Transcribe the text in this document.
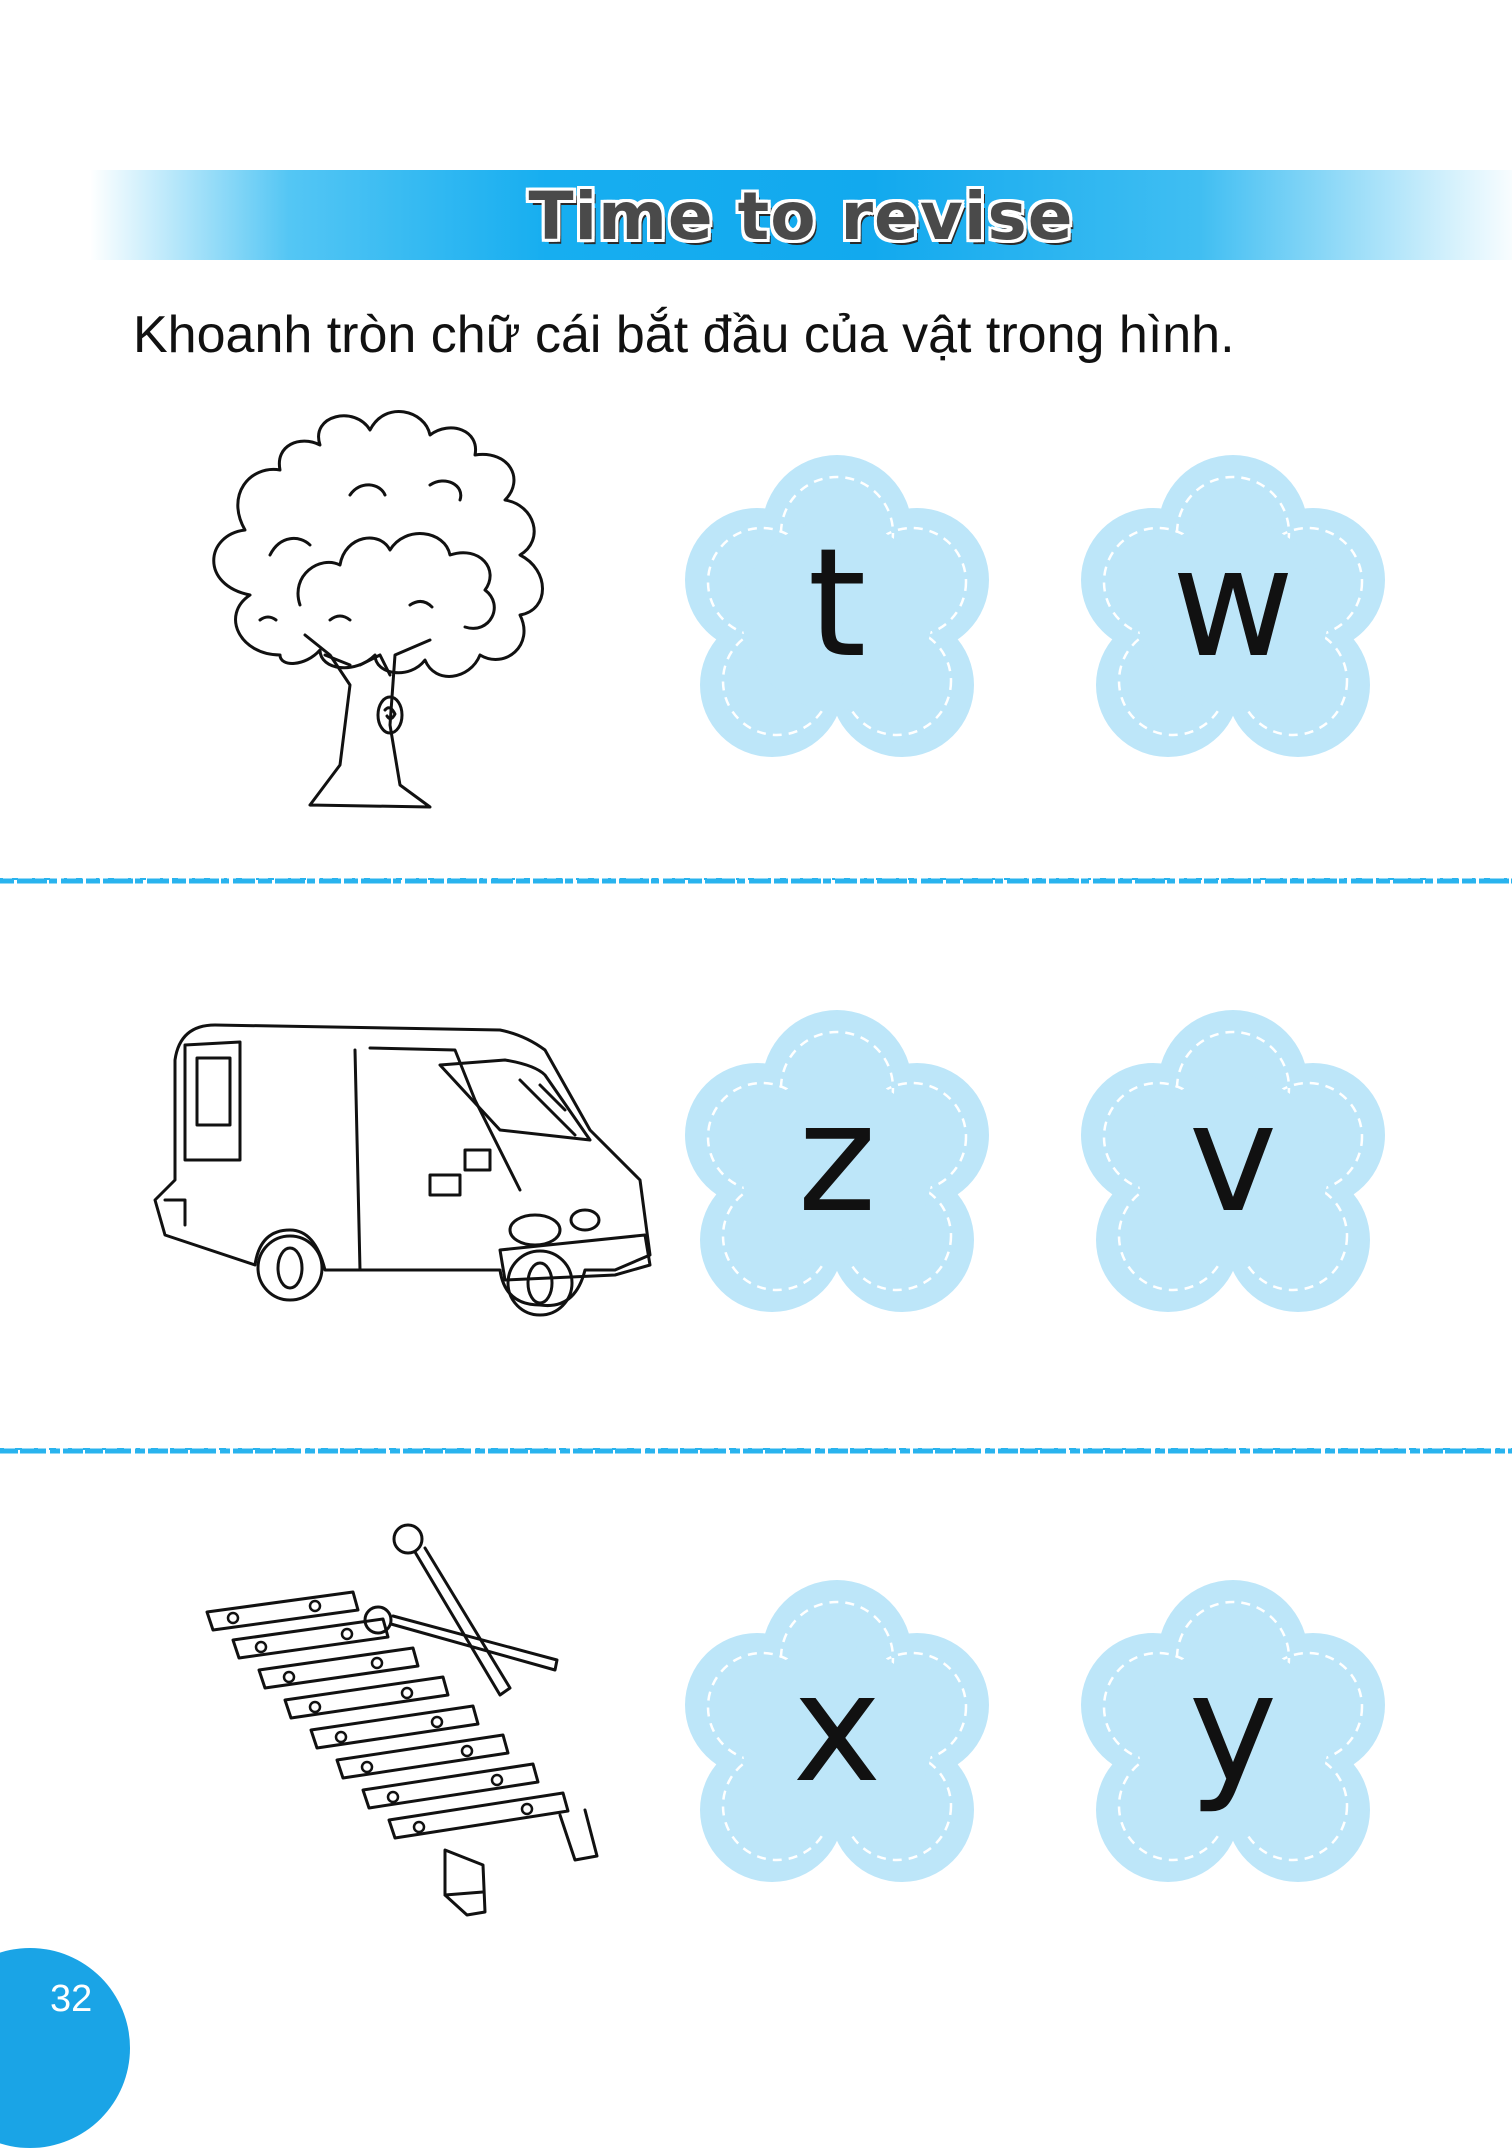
Time to revise

Khoanh tròn chữ cái bắt đầu của vật trong hình.

t	w
z	v
x	y
32
